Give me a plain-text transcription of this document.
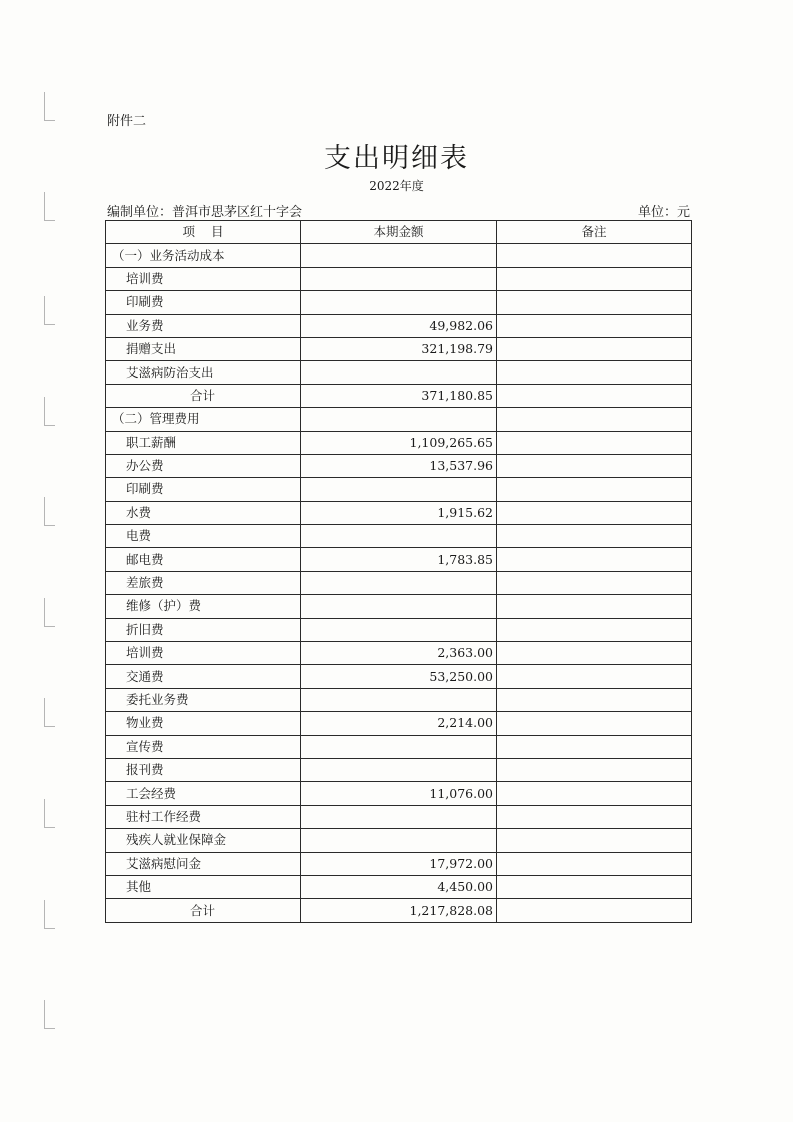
附件二
支出明细表
2022年度
编制单位：普洱市思茅区红十字会	单位：元
项    目	本期金额	备注
（一）业务活动成本		
培训费		
印刷费		
业务费	49,982.06	
捐赠支出	321,198.79	
艾滋病防治支出		
合计	371,180.85	
（二）管理费用		
职工薪酬	1,109,265.65	
办公费	13,537.96	
印刷费		
水费	1,915.62	
电费		
邮电费	1,783.85	
差旅费		
维修（护）费		
折旧费		
培训费	2,363.00	
交通费	53,250.00	
委托业务费		
物业费	2,214.00	
宣传费		
报刊费		
工会经费	11,076.00	
驻村工作经费		
残疾人就业保障金		
艾滋病慰问金	17,972.00	
其他	4,450.00	
合计	1,217,828.08	
